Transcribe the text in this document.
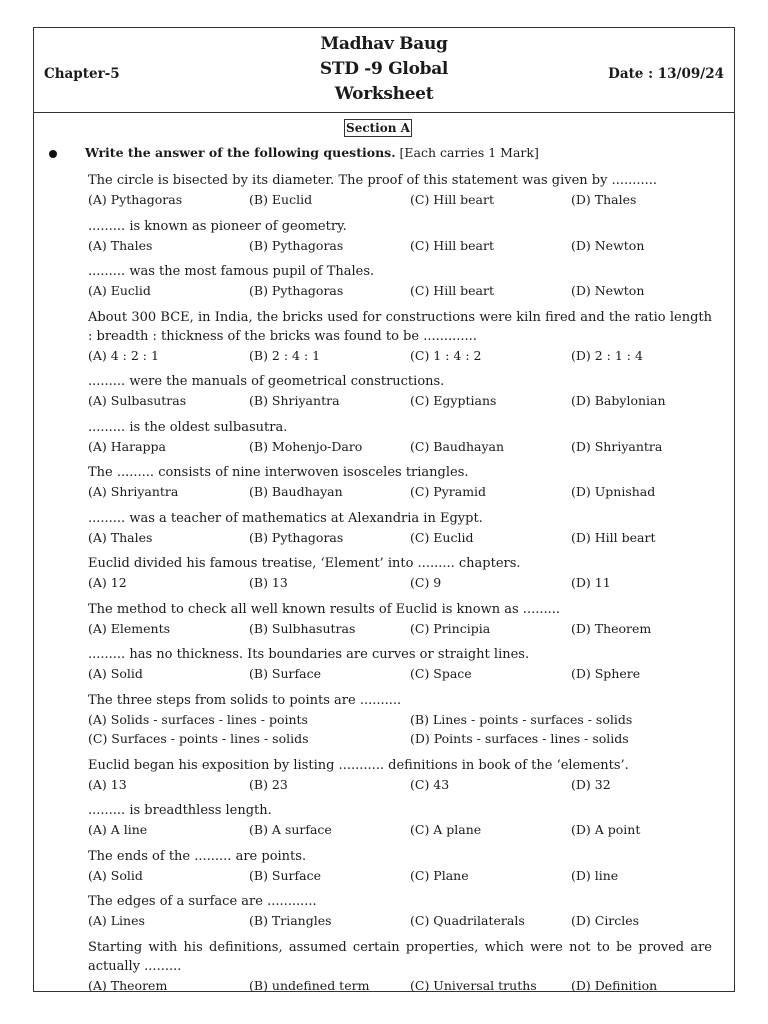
Madhav Baug
STD -9 Global
Worksheet
Chapter-5	Date : 13/09/24
Section A
Write the answer of the following questions. [Each carries 1 Mark]
The circle is bisected by its diameter. The proof of this statement was given by ...........
(A) Pythagoras	(B) Euclid	(C) Hill beart	(D) Thales
......... is known as pioneer of geometry.
(A) Thales	(B) Pythagoras	(C) Hill beart	(D) Newton
......... was the most famous pupil of Thales.
(A) Euclid	(B) Pythagoras	(C) Hill beart	(D) Newton
About 300 BCE, in India, the bricks used for constructions were kiln fired and the ratio length : breadth : thickness of the bricks was found to be .............
(A) 4 : 2 : 1	(B) 2 : 4 : 1	(C) 1 : 4 : 2	(D) 2 : 1 : 4
......... were the manuals of geometrical constructions.
(A) Sulbasutras	(B) Shriyantra	(C) Egyptians	(D) Babylonian
......... is the oldest sulbasutra.
(A) Harappa	(B) Mohenjo-Daro	(C) Baudhayan	(D) Shriyantra
The ......... consists of nine interwoven isosceles triangles.
(A) Shriyantra	(B) Baudhayan	(C) Pyramid	(D) Upnishad
......... was a teacher of mathematics at Alexandria in Egypt.
(A) Thales	(B) Pythagoras	(C) Euclid	(D) Hill beart
Euclid divided his famous treatise, ‘Element’ into ......... chapters.
(A) 12	(B) 13	(C) 9	(D) 11
The method to check all well known results of Euclid is known as .........
(A) Elements	(B) Sulbhasutras	(C) Principia	(D) Theorem
......... has no thickness. Its boundaries are curves or straight lines.
(A) Solid	(B) Surface	(C) Space	(D) Sphere
The three steps from solids to points are ..........
(A) Solids - surfaces - lines - points	(B) Lines - points - surfaces - solids
(C) Surfaces - points - lines - solids	(D) Points - surfaces - lines - solids
Euclid began his exposition by listing ........... definitions in book of the ‘elements’.
(A) 13	(B) 23	(C) 43	(D) 32
......... is breadthless length.
(A) A line	(B) A surface	(C) A plane	(D) A point
The ends of the ......... are points.
(A) Solid	(B) Surface	(C) Plane	(D) line
The edges of a surface are ............
(A) Lines	(B) Triangles	(C) Quadrilaterals	(D) Circles
Starting with his definitions, assumed certain properties, which were not to be proved are actually .........
(A) Theorem	(B) undefined term	(C) Universal truths	(D) Definition
